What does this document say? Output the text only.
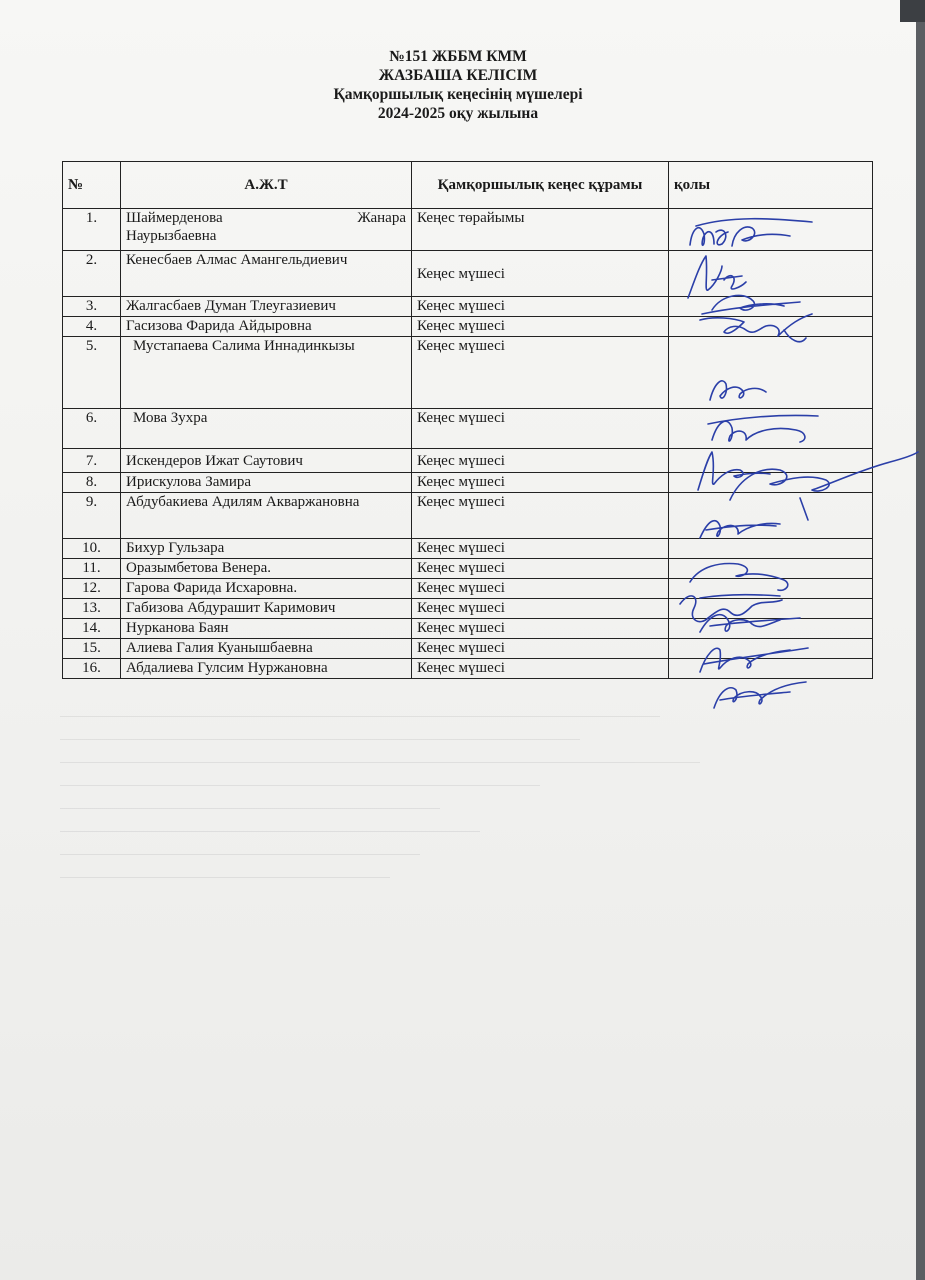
№151 ЖББМ КММ
ЖАЗБАША КЕЛІСІМ
Қамқоршылық кеңесінің мүшелері
2024-2025 оқу жылына
№	А.Ж.Т	Қамқоршылық кеңес құрамы	қолы
1.	Шаймерденова Жанара
Наурызбаевна	Кеңес төрайымы	
2.	Кенесбаев Алмас Амангельдиевич	Кеңес мүшесі	
3.	Жалгасбаев Думан Тлеугазиевич	Кеңес мүшесі	
4.	Гасизова Фарида Айдыровна	Кеңес мүшесі	
5.	Мустапаева Салима Иннадинкызы	Кеңес мүшесі	
6.	Мова Зухра	Кеңес мүшесі	
7.	Искендеров Ижат Саутович	Кеңес мүшесі	
8.	Ирискулова Замира	Кеңес мүшесі	
9.	Абдубакиева Адилям Акваржановна	Кеңес мүшесі	
10.	Бихур Гульзара	Кеңес мүшесі	
11.	Оразымбетова Венера.	Кеңес мүшесі	
12.	Гарова Фарида Исхаровна.	Кеңес мүшесі	
13.	Габизова Абдурашит Каримович	Кеңес мүшесі	
14.	Нурканова Баян	Кеңес мүшесі	
15.	Алиева Галия Куанышбаевна	Кеңес мүшесі	
16.	Абдалиева Гулсим Нуржановна	Кеңес мүшесі	
